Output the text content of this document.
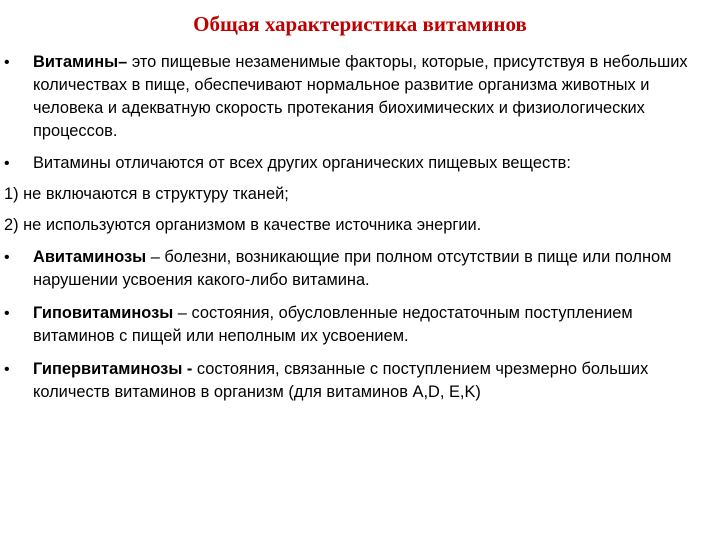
Общая характеристика витаминов

• Витамины– это пищевые незаменимые факторы, которые, присутствуя в небольших количествах в пище, обеспечивают нормальное развитие организма животных и человека и адекватную скорость протекания биохимических и физиологических процессов.

• Витамины отличаются от всех других органических пищевых веществ:

1) не включаются в структуру тканей;

2) не используются организмом в качестве источника энергии.

• Авитаминозы – болезни, возникающие при полном отсутствии в пище или полном нарушении усвоения какого-либо витамина.

• Гиповитаминозы – состояния, обусловленные недостаточным поступлением витаминов с пищей или неполным их усвоением.

• Гипервитаминозы - состояния, связанные с поступлением чрезмерно больших количеств витаминов в организм (для витаминов A,D, E,K)
